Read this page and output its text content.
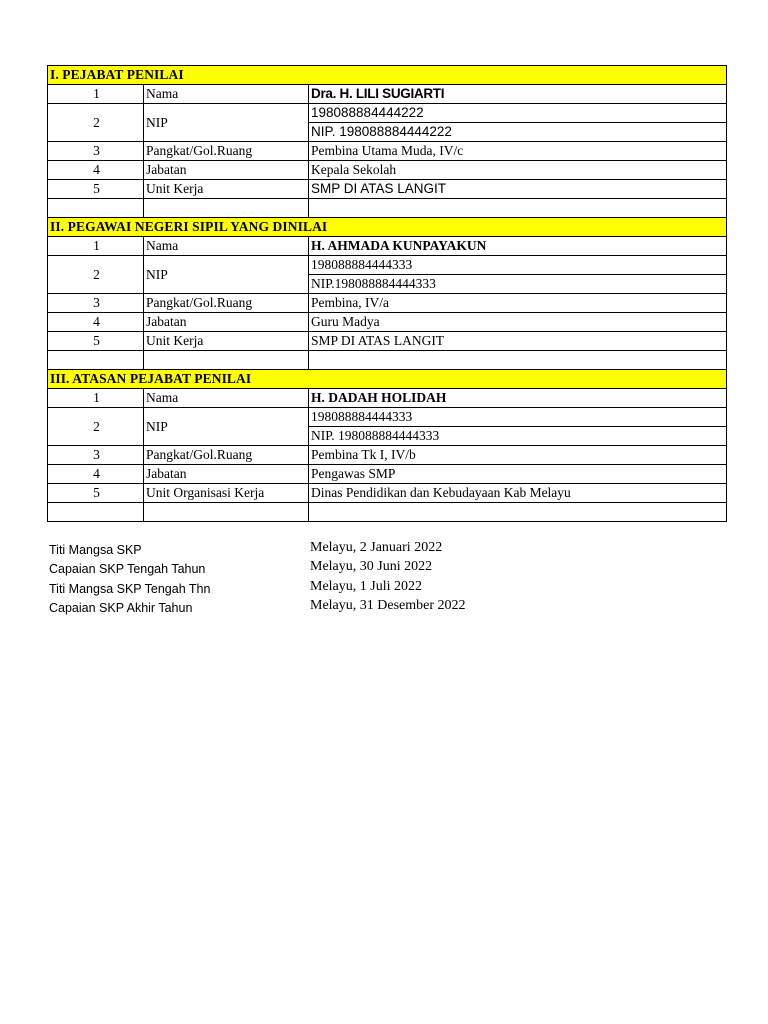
I. PEJABAT PENILAI		
1	Nama	Dra. H. LILI SUGIARTI
2	NIP	198088884444222
		NIP. 198088884444222
3	Pangkat/Gol.Ruang	Pembina Utama Muda, IV/c
4	Jabatan	Kepala Sekolah
5	Unit Kerja	SMP DI ATAS LANGIT

II. PEGAWAI NEGERI SIPIL YANG DINILAI		
1	Nama	H. AHMADA KUNPAYAKUN
2	NIP	198088884444333
		NIP.198088884444333
3	Pangkat/Gol.Ruang	Pembina, IV/a
4	Jabatan	Guru Madya
5	Unit Kerja	SMP DI ATAS LANGIT

III. ATASAN PEJABAT PENILAI		
1	Nama	H. DADAH HOLIDAH
2	NIP	198088884444333
		NIP. 198088884444333
3	Pangkat/Gol.Ruang	Pembina Tk I, IV/b
4	Jabatan	Pengawas SMP
5	Unit Organisasi Kerja	Dinas Pendidikan dan Kebudayaan Kab Melayu

Titi Mangsa SKP	Melayu, 2 Januari 2022
Capaian SKP Tengah Tahun	Melayu, 30 Juni 2022
Titi Mangsa SKP Tengah Thn	Melayu, 1 Juli 2022
Capaian SKP Akhir Tahun	Melayu, 31 Desember 2022
